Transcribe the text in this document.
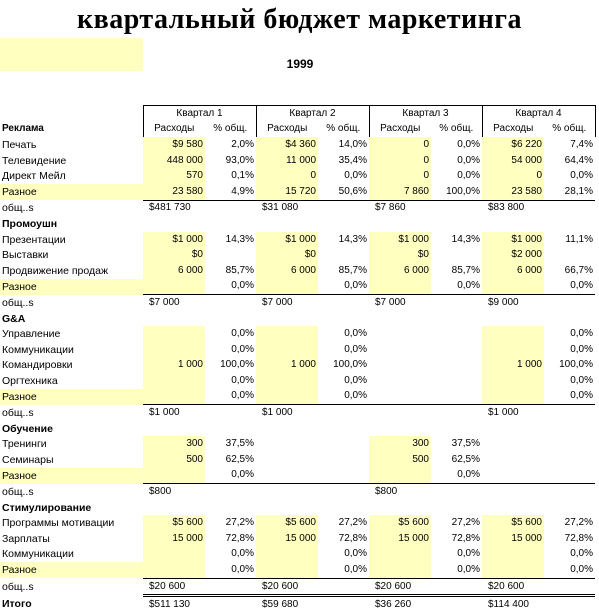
квартальный бюджет маркетинга
1999
	Квартал 1		Квартал 2		Квартал 3		Квартал 4	
Реклама	Расходы	% общ.	Расходы	% общ.	Расходы	% общ.	Расходы	% общ.
Печать	$9 580	2,0%	$4 360	14,0%	0	0,0%	$6 220	7,4%
Телевидение	448 000	93,0%	11 000	35,4%	0	0,0%	54 000	64,4%
Директ Мейл	570	0,1%	0	0,0%	0	0,0%	0	0,0%
Разное	23 580	4,9%	15 720	50,6%	7 860	100,0%	23 580	28,1%
общ..s	$481 730		$31 080		$7 860		$83 800	
Промоушн								
Презентации	$1 000	14,3%	$1 000	14,3%	$1 000	14,3%	$1 000	11,1%
Выставки	$0		$0		$0		$2 000	
Продвижение продаж	6 000	85,7%	6 000	85,7%	6 000	85,7%	6 000	66,7%
Разное		0,0%		0,0%		0,0%		0,0%
общ..s	$7 000		$7 000		$7 000		$9 000	
G&A								
Управление		0,0%		0,0%				0,0%
Коммуникации		0,0%		0,0%				0,0%
Командировки	1 000	100,0%	1 000	100,0%			1 000	100,0%
Оргтехника		0,0%		0,0%				0,0%
Разное		0,0%		0,0%				0,0%
общ..s	$1 000		$1 000				$1 000	
Обучение								
Тренинги	300	37,5%			300	37,5%		
Семинары	500	62,5%			500	62,5%		
Разное		0,0%				0,0%		
общ..s	$800				$800			
Стимулирование								
Программы мотивации	$5 600	27,2%	$5 600	27,2%	$5 600	27,2%	$5 600	27,2%
Зарплаты	15 000	72,8%	15 000	72,8%	15 000	72,8%	15 000	72,8%
Коммуникации		0,0%		0,0%		0,0%		0,0%
Разное		0,0%		0,0%		0,0%		0,0%
общ..s	$20 600		$20 600		$20 600		$20 600	
Итого	$511 130		$59 680		$36 260		$114 400	
